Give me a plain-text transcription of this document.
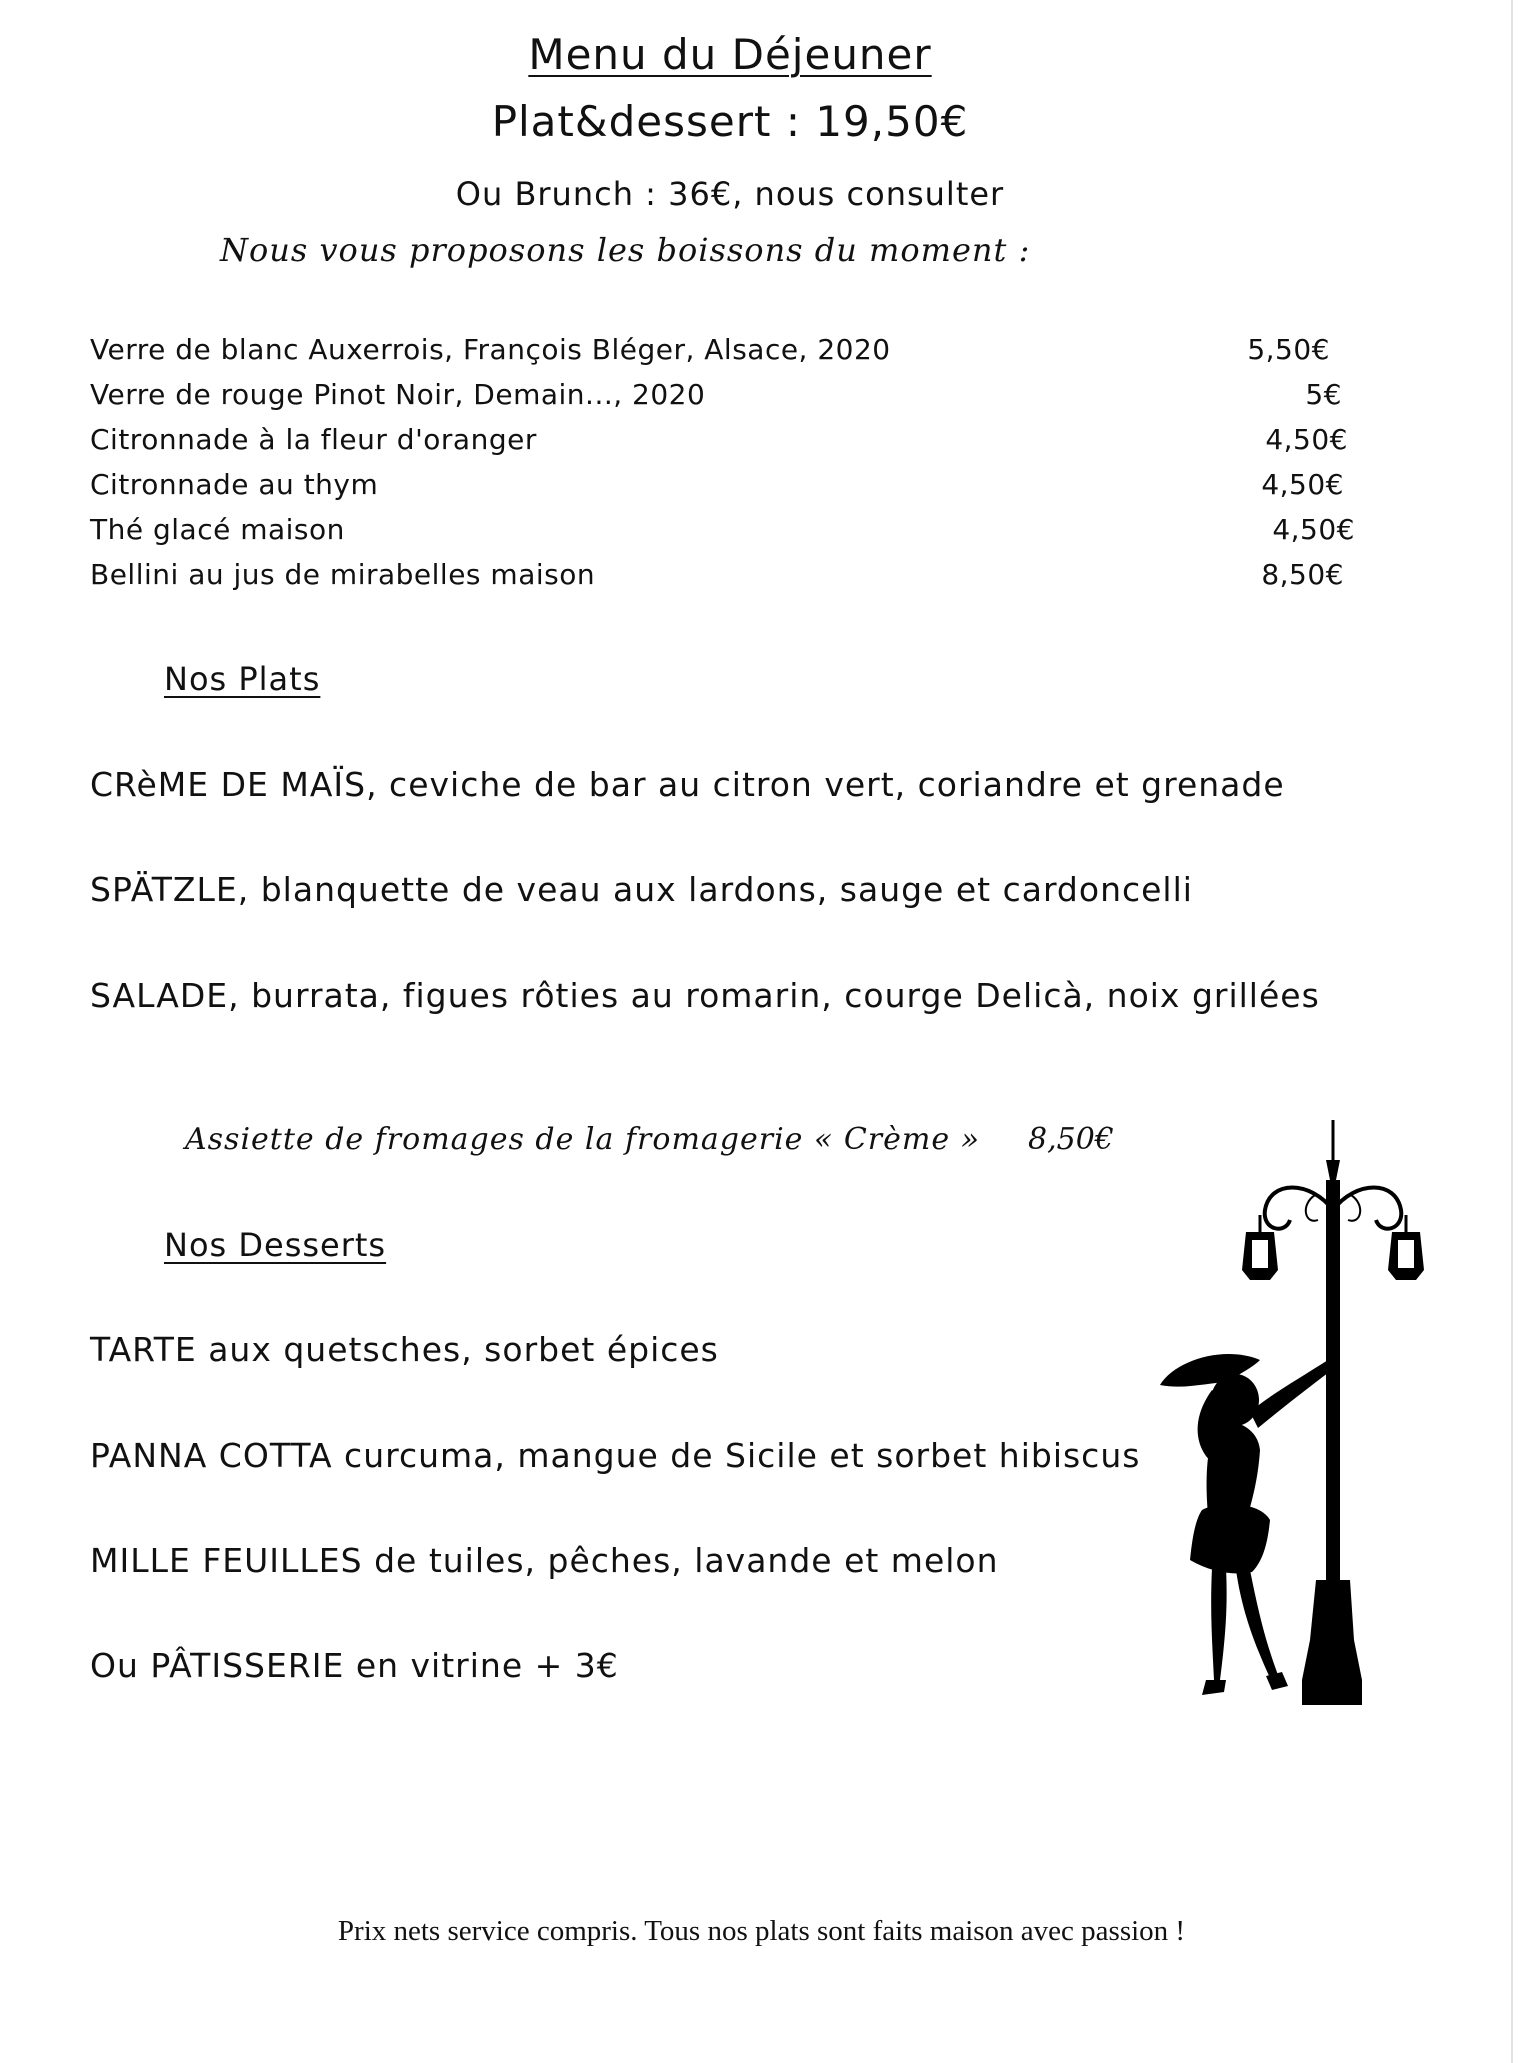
Menu du Déjeuner
Plat&dessert : 19,50€
Ou Brunch : 36€, nous consulter
Nous vous proposons les boissons du moment :
Verre de blanc Auxerrois, François Bléger, Alsace, 2020	5,50€
Verre de rouge Pinot Noir, Demain..., 2020	5€
Citronnade à la fleur d'oranger	4,50€
Citronnade au thym	4,50€
Thé glacé maison	4,50€
Bellini au jus de mirabelles maison	8,50€
Nos Plats
CRèME DE MAÏS, ceviche de bar au citron vert, coriandre et grenade
SPÄTZLE, blanquette de veau aux lardons, sauge et cardoncelli
SALADE, burrata, figues rôties au romarin, courge Delicà, noix grillées
Assiette de fromages de la fromagerie « Crème » 8,50€
Nos Desserts
TARTE aux quetsches, sorbet épices
PANNA COTTA curcuma, mangue de Sicile et sorbet hibiscus
MILLE FEUILLES de tuiles, pêches, lavande et melon
Ou PÂTISSERIE en vitrine + 3€
Prix nets service compris. Tous nos plats sont faits maison avec passion !
